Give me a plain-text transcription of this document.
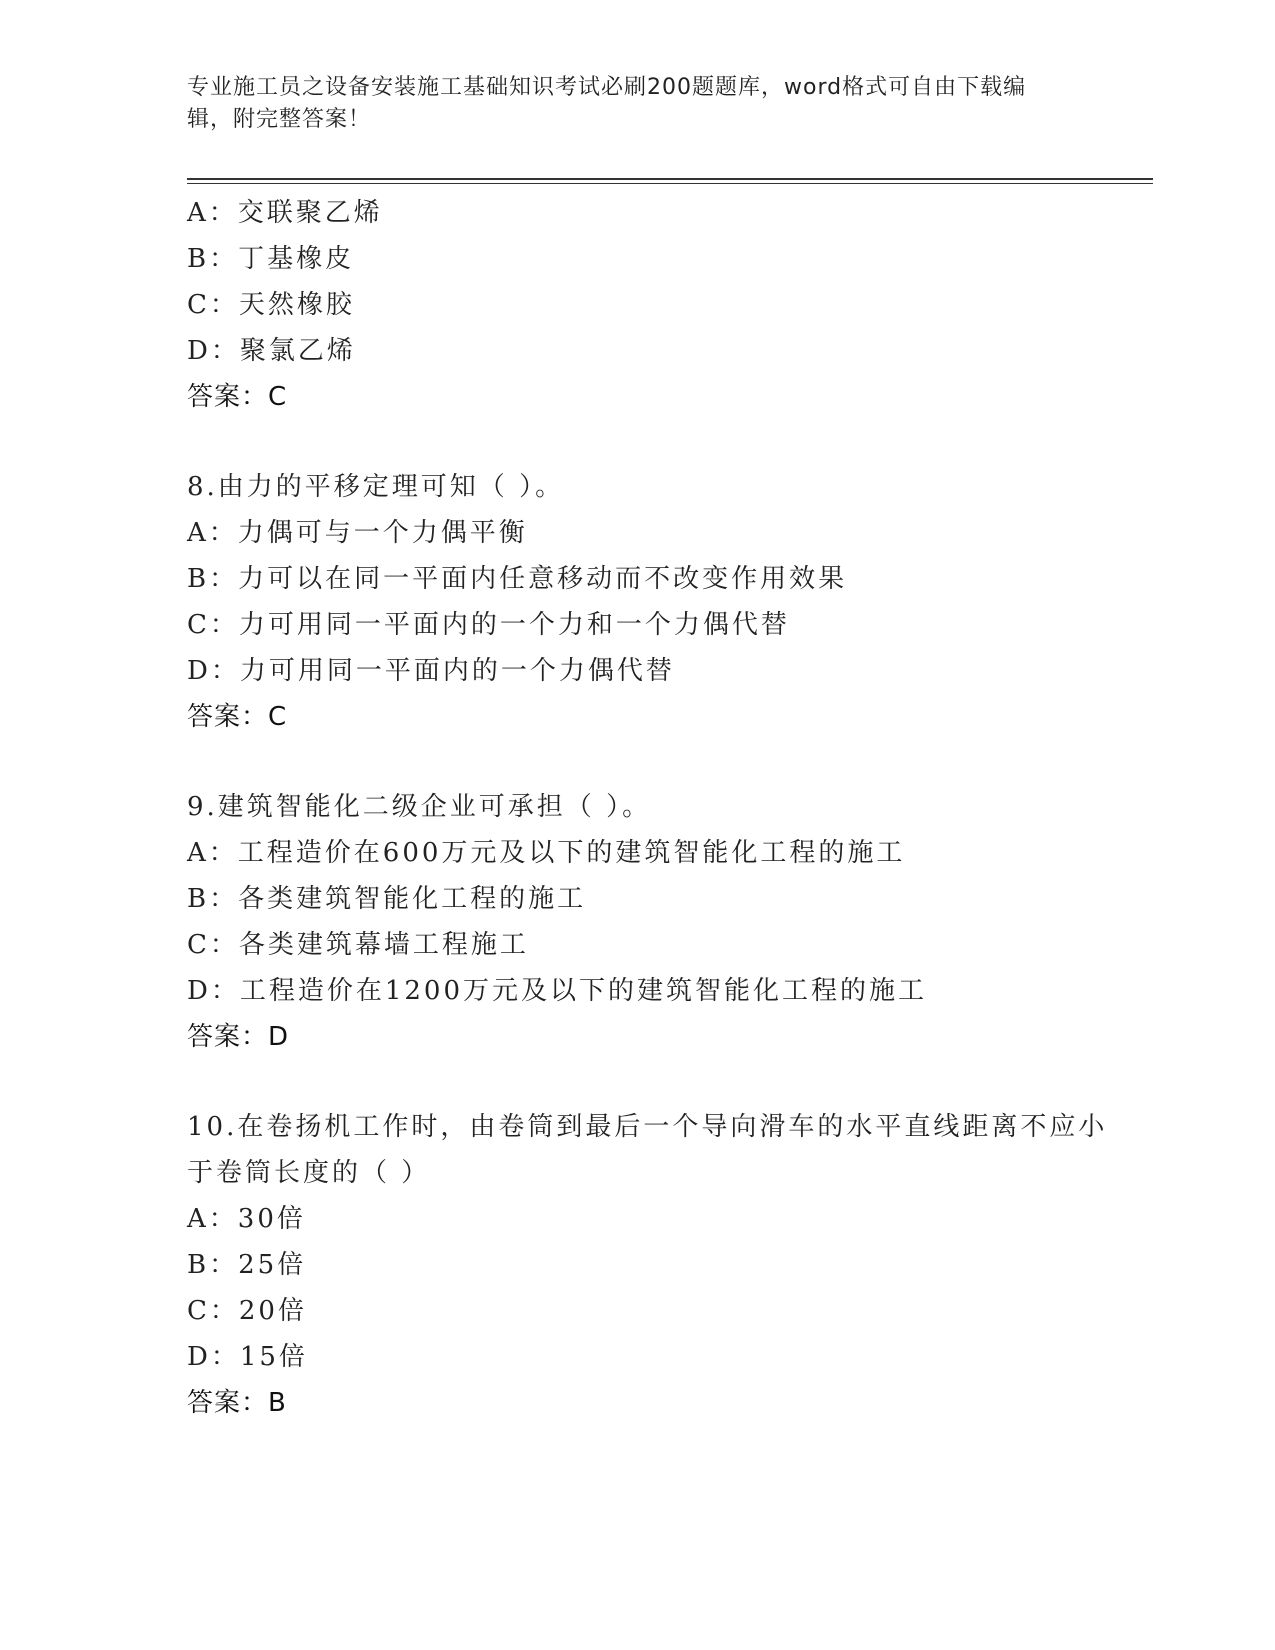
专业施工员之设备安装施工基础知识考试必刷200题题库，word格式可自由下载编辑，附完整答案！
A：交联聚乙烯
B：丁基橡皮
C：天然橡胶
D：聚氯乙烯
答案：C
8.由力的平移定理可知（ ）。
A：力偶可与一个力偶平衡
B：力可以在同一平面内任意移动而不改变作用效果
C：力可用同一平面内的一个力和一个力偶代替
D：力可用同一平面内的一个力偶代替
答案：C
9.建筑智能化二级企业可承担（ ）。
A：工程造价在600万元及以下的建筑智能化工程的施工
B：各类建筑智能化工程的施工
C：各类建筑幕墙工程施工
D：工程造价在1200万元及以下的建筑智能化工程的施工
答案：D
10.在卷扬机工作时，由卷筒到最后一个导向滑车的水平直线距离不应小于卷筒长度的（ ）
A：30倍
B：25倍
C：20倍
D：15倍
答案：B
